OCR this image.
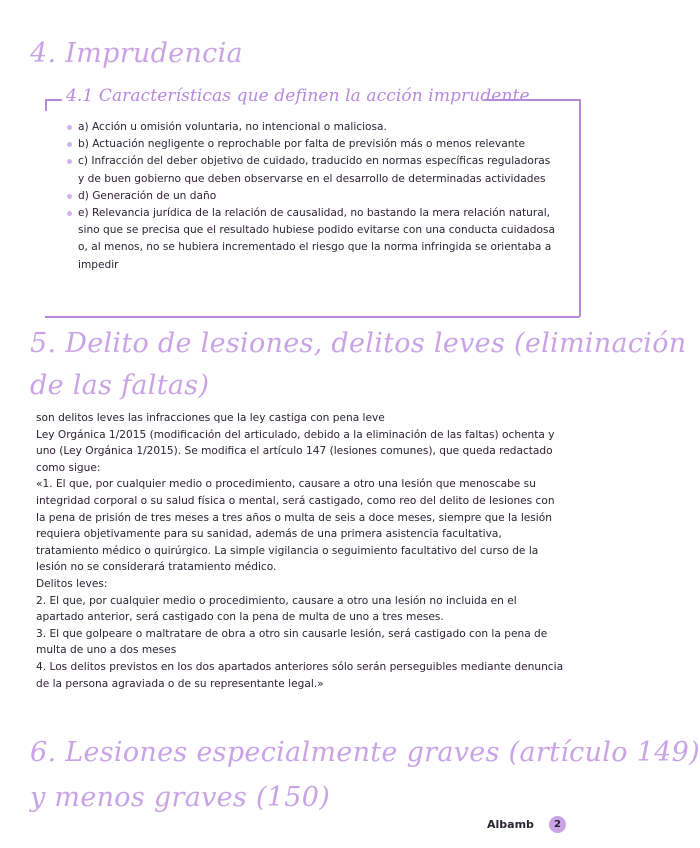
4. Imprudencia
4.1 Características que definen la acción imprudente
a) Acción u omisión voluntaria, no intencional o maliciosa.
b) Actuación negligente o reprochable por falta de previsión más o menos relevante
c) Infracción del deber objetivo de cuidado, traducido en normas específicas reguladoras y de buen gobierno que deben observarse en el desarrollo de determinadas actividades
d) Generación de un daño
e) Relevancia jurídica de la relación de causalidad, no bastando la mera relación natural, sino que se precisa que el resultado hubiese podido evitarse con una conducta cuidadosa o, al menos, no se hubiera incrementado el riesgo que la norma infringida se orientaba a impedir
5. Delito de lesiones, delitos leves (eliminación
de las faltas)

son delitos leves las infracciones que la ley castiga con pena leve

Ley Orgánica 1/2015 (modificación del articulado, debido a la eliminación de las faltas) ochenta y uno (Ley Orgánica 1/2015). Se modifica el artículo 147 (lesiones comunes), que queda redactado como sigue:

«1. El que, por cualquier medio o procedimiento, causare a otro una lesión que menoscabe su integridad corporal o su salud física o mental, será castigado, como reo del delito de lesiones con la pena de prisión de tres meses a tres años o multa de seis a doce meses, siempre que la lesión requiera objetivamente para su sanidad, además de una primera asistencia facultativa, tratamiento médico o quirúrgico. La simple vigilancia o seguimiento facultativo del curso de la lesión no se considerará tratamiento médico.

Delitos leves:

2. El que, por cualquier medio o procedimiento, causare a otro una lesión no incluida en el apartado anterior, será castigado con la pena de multa de uno a tres meses.

3. El que golpeare o maltratare de obra a otro sin causarle lesión, será castigado con la pena de multa de uno a dos meses

4. Los delitos previstos en los dos apartados anteriores sólo serán perseguibles mediante denuncia de la persona agraviada o de su representante legal.»

6. Lesiones especialmente graves (artículo 149)
y menos graves (150)
Albamb	2
